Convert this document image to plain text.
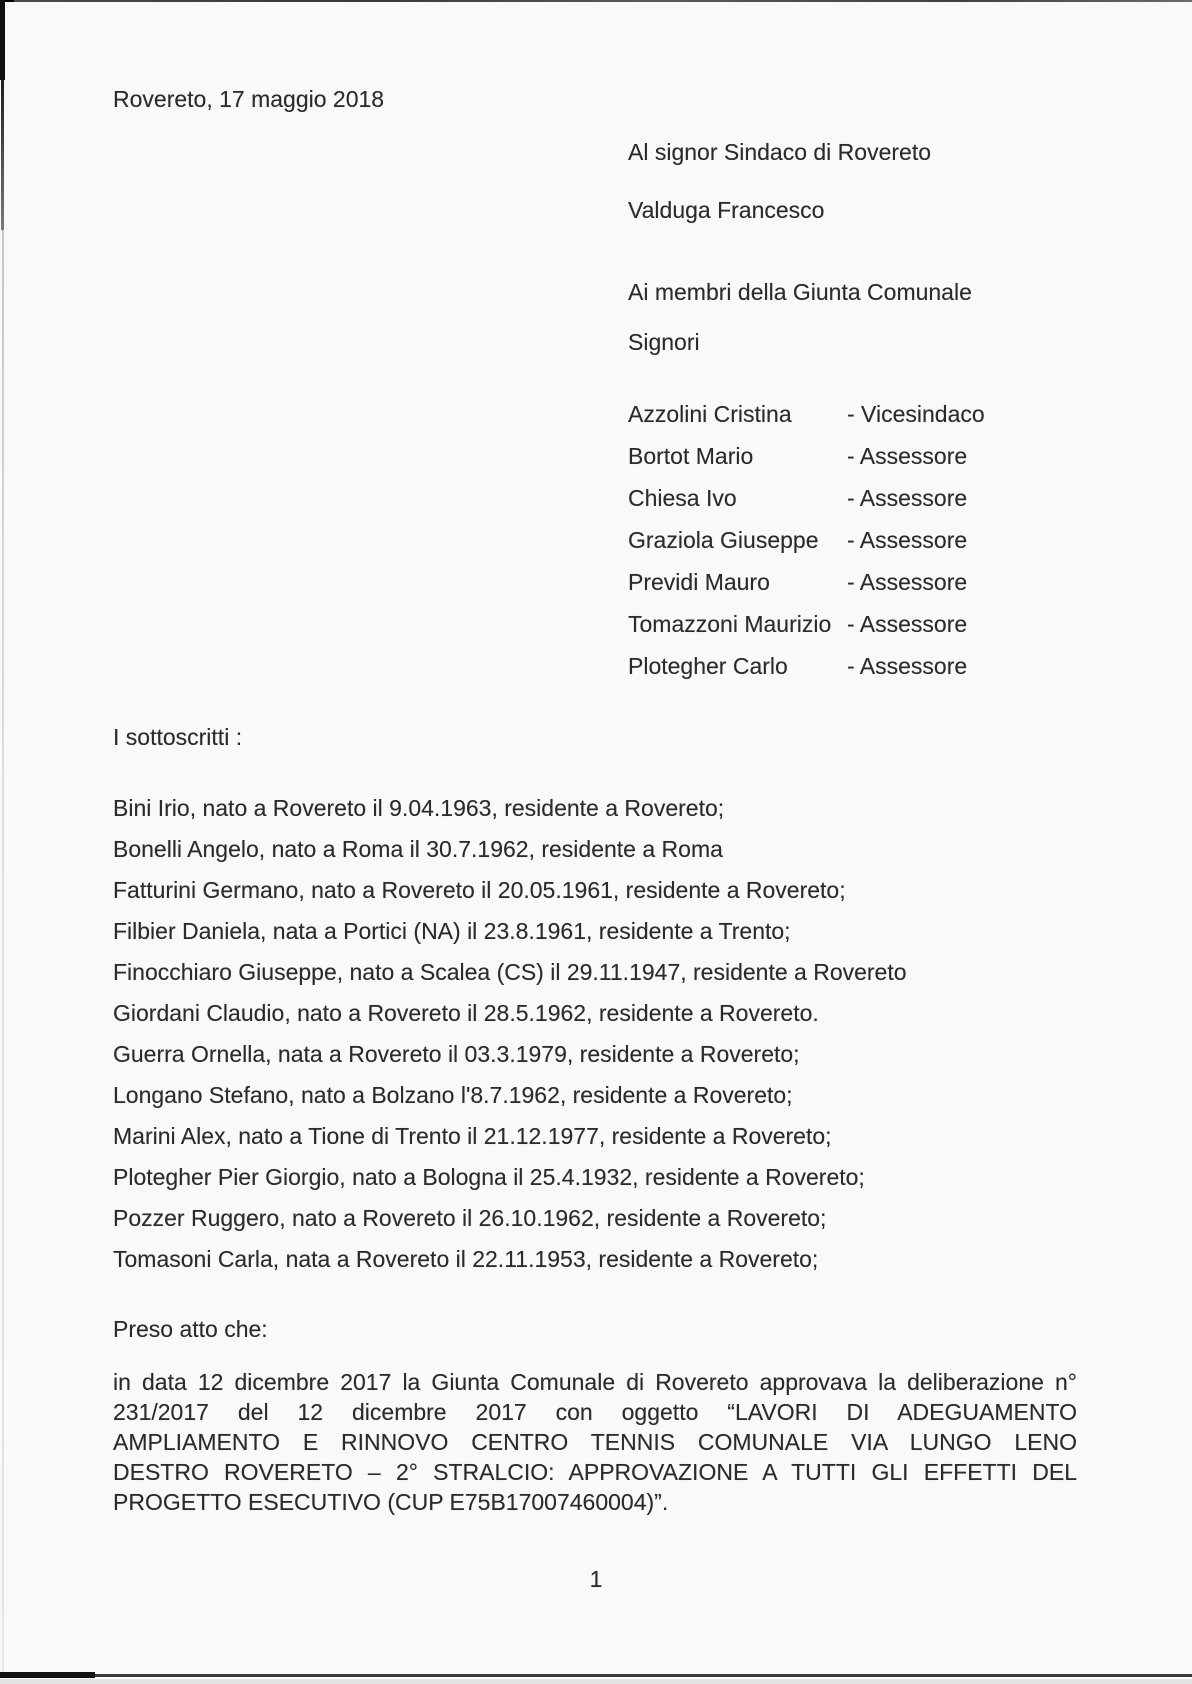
Rovereto, 17 maggio 2018
Al signor Sindaco di Rovereto
Valduga Francesco
Ai membri della Giunta Comunale
Signori
Azzolini Cristina	- Vicesindaco
Bortot Mario	- Assessore
Chiesa Ivo	- Assessore
Graziola Giuseppe	- Assessore
Previdi Mauro	- Assessore
Tomazzoni Maurizio - Assessore
Plotegher Carlo	- Assessore
I sottoscritti :
Bini Irio, nato a Rovereto il 9.04.1963, residente a Rovereto;
Bonelli Angelo, nato a Roma il 30.7.1962, residente a Roma
Fatturini Germano, nato a Rovereto il 20.05.1961, residente a Rovereto;
Filbier Daniela, nata a Portici (NA) il 23.8.1961, residente a Trento;
Finocchiaro Giuseppe, nato a Scalea (CS) il 29.11.1947, residente a Rovereto
Giordani Claudio, nato a Rovereto il 28.5.1962, residente a Rovereto.
Guerra Ornella, nata a Rovereto il 03.3.1979, residente a Rovereto;
Longano Stefano, nato a Bolzano l'8.7.1962, residente a Rovereto;
Marini Alex, nato a Tione di Trento il 21.12.1977, residente a Rovereto;
Plotegher Pier Giorgio, nato a Bologna il 25.4.1932, residente a Rovereto;
Pozzer Ruggero, nato a Rovereto il 26.10.1962, residente a Rovereto;
Tomasoni Carla, nata a Rovereto il 22.11.1953, residente a Rovereto;
Preso atto che:
in data 12 dicembre 2017 la Giunta Comunale di Rovereto approvava la deliberazione n°
231/2017 del 12 dicembre 2017 con oggetto “LAVORI DI ADEGUAMENTO
AMPLIAMENTO E RINNOVO CENTRO TENNIS COMUNALE VIA LUNGO LENO
DESTRO ROVERETO – 2° STRALCIO: APPROVAZIONE A TUTTI GLI EFFETTI DEL
PROGETTO ESECUTIVO (CUP E75B17007460004)”.
1
